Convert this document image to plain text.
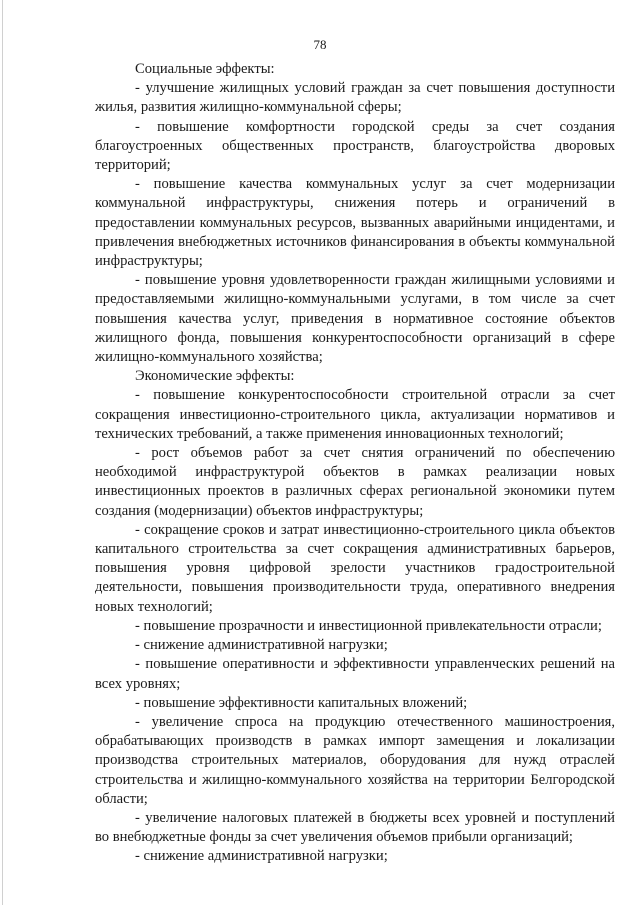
78

Социальные эффекты:

- улучшение жилищных условий граждан за счет повышения доступности жилья, развития жилищно-коммунальной сферы;

- повышение комфортности городской среды за счет создания благоустроенных общественных пространств, благоустройства дворовых территорий;

- повышение качества коммунальных услуг за счет модернизации коммунальной инфраструктуры, снижения потерь и ограничений в предоставлении коммунальных ресурсов, вызванных аварийными инцидентами, и привлечения внебюджетных источников финансирования в объекты коммунальной инфраструктуры;

- повышение уровня удовлетворенности граждан жилищными условиями и предоставляемыми жилищно-коммунальными услугами, в том числе за счет повышения качества услуг, приведения в нормативное состояние объектов жилищного фонда, повышения конкурентоспособности организаций в сфере жилищно-коммунального хозяйства;

Экономические эффекты:

- повышение конкурентоспособности строительной отрасли за счет сокращения инвестиционно-строительного цикла, актуализации нормативов и технических требований, а также применения инновационных технологий;

- рост объемов работ за счет снятия ограничений по обеспечению необходимой инфраструктурой объектов в рамках реализации новых инвестиционных проектов в различных сферах региональной экономики путем создания (модернизации) объектов инфраструктуры;

- сокращение сроков и затрат инвестиционно-строительного цикла объектов капитального строительства за счет сокращения административных барьеров, повышения уровня цифровой зрелости участников градостроительной деятельности, повышения производительности труда, оперативного внедрения новых технологий;

- повышение прозрачности и инвестиционной привлекательности отрасли;

- снижение административной нагрузки;

- повышение оперативности и эффективности управленческих решений на всех уровнях;

- повышение эффективности капитальных вложений;

- увеличение спроса на продукцию отечественного машиностроения, обрабатывающих производств в рамках импорт замещения и локализации производства строительных материалов, оборудования для нужд отраслей строительства и жилищно-коммунального хозяйства на территории Белгородской области;

- увеличение налоговых платежей в бюджеты всех уровней и поступлений во внебюджетные фонды за счет увеличения объемов прибыли организаций;

- снижение административной нагрузки;
